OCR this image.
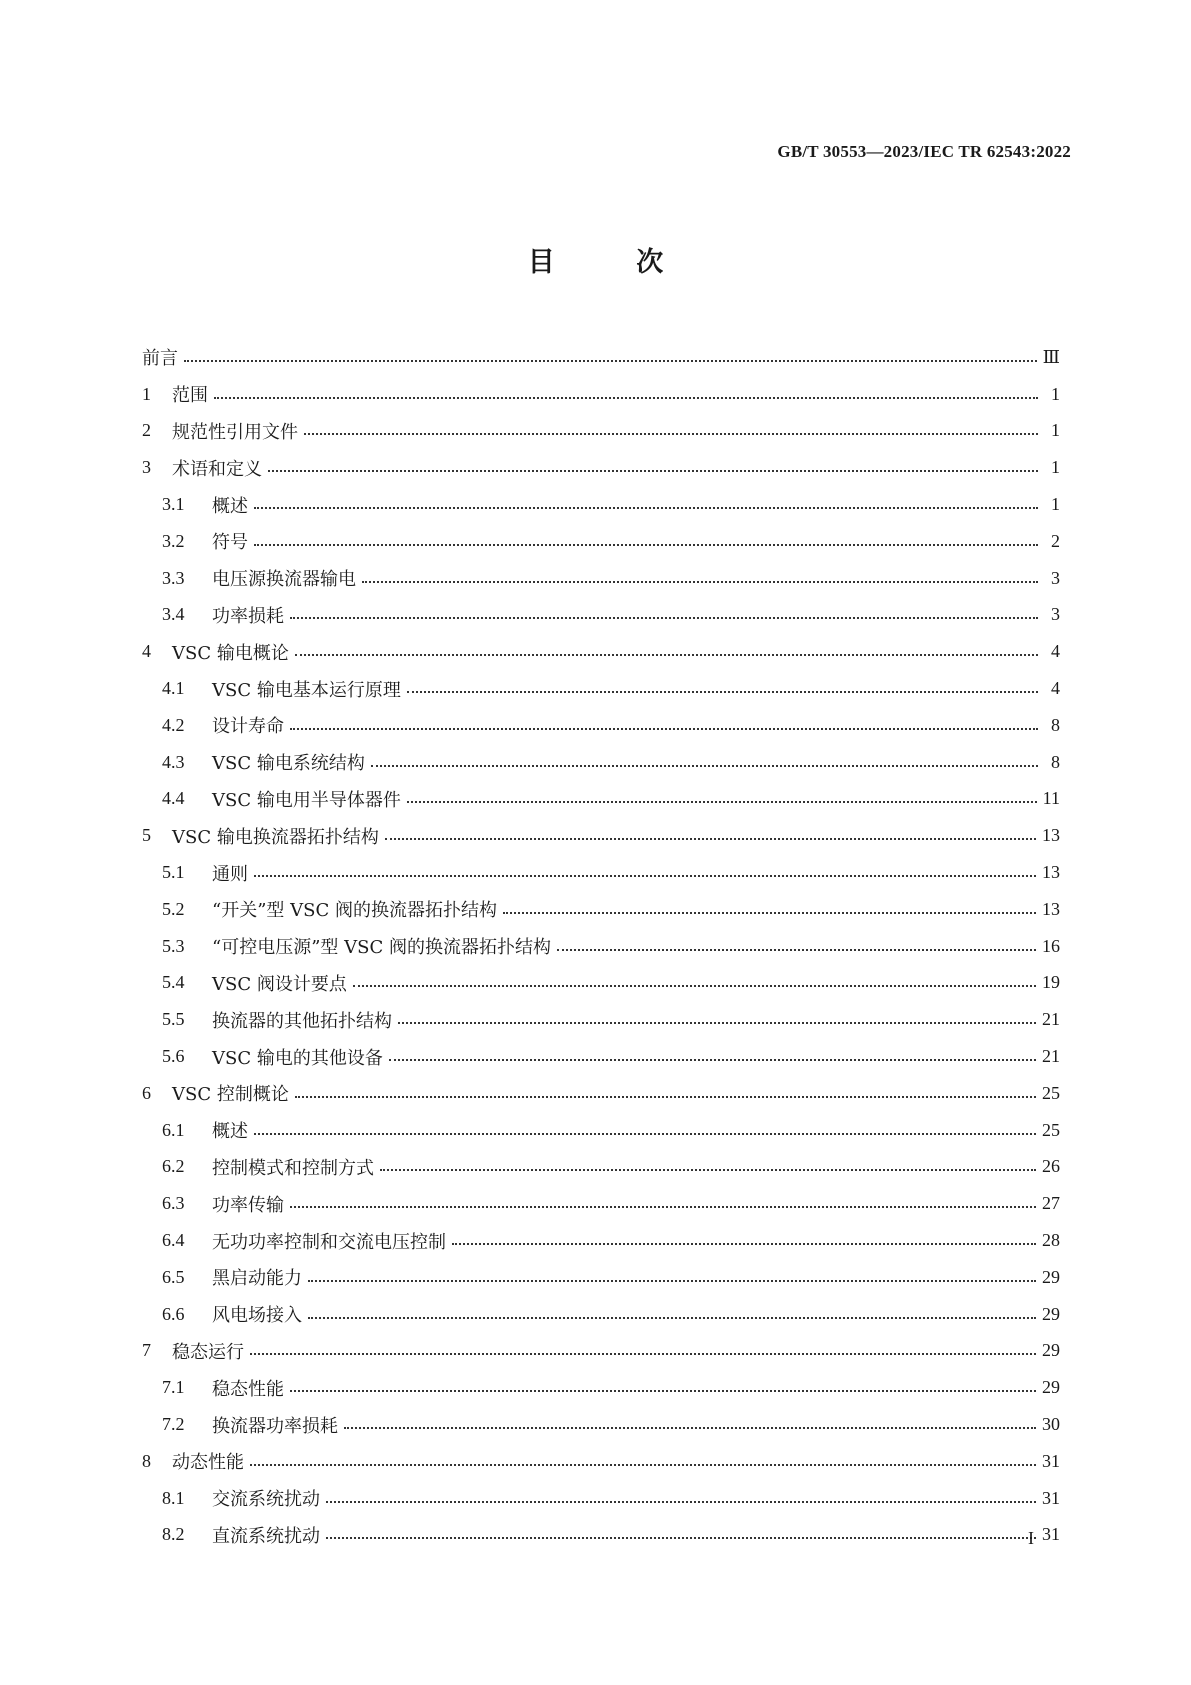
GB/T 30553—2023/IEC TR 62543:2022
目	次
前言	Ⅲ
1	范围	1
2	规范性引用文件	1
3	术语和定义	1
3.1	概述	1
3.2	符号	2
3.3	电压源换流器输电	3
3.4	功率损耗	3
4	VSC 输电概论	4
4.1	VSC 输电基本运行原理	4
4.2	设计寿命	8
4.3	VSC 输电系统结构	8
4.4	VSC 输电用半导体器件	11
5	VSC 输电换流器拓扑结构	13
5.1	通则	13
5.2	“开关”型 VSC 阀的换流器拓扑结构	13
5.3	“可控电压源”型 VSC 阀的换流器拓扑结构	16
5.4	VSC 阀设计要点	19
5.5	换流器的其他拓扑结构	21
5.6	VSC 输电的其他设备	21
6	VSC 控制概论	25
6.1	概述	25
6.2	控制模式和控制方式	26
6.3	功率传输	27
6.4	无功功率控制和交流电压控制	28
6.5	黑启动能力	29
6.6	风电场接入	29
7	稳态运行	29
7.1	稳态性能	29
7.2	换流器功率损耗	30
8	动态性能	31
8.1	交流系统扰动	31
8.2	直流系统扰动	31
I
